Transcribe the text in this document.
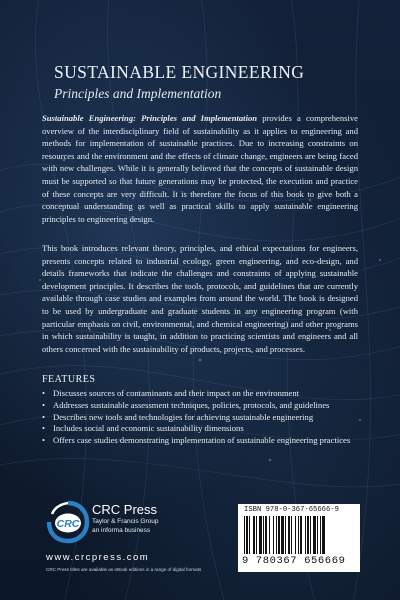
SUSTAINABLE ENGINEERING
Principles and Implementation
Sustainable Engineering: Principles and Implementation provides a comprehensive overview of the interdisciplinary field of sustainability as it applies to engineering and methods for implementation of sustainable practices. Due to increasing constraints on resources and the environment and the effects of climate change, engineers are being faced with new challenges. While it is generally believed that the concepts of sustainable design must be supported so that future generations may be protected, the execution and practice of these concepts are very difficult. It is therefore the focus of this book to give both a conceptual understanding as well as practical skills to apply sustainable engineering principles to engineering design.
This book introduces relevant theory, principles, and ethical expectations for engineers, presents concepts related to industrial ecology, green engineering, and eco-design, and details frameworks that indicate the challenges and constraints of applying sustainable development principles. It describes the tools, protocols, and guidelines that are currently available through case studies and examples from around the world. The book is designed to be used by undergraduate and graduate students in any engineering program (with particular emphasis on civil, environmental, and chemical engineering) and other programs in which sustainability is taught, in addition to practicing scientists and engineers and all others concerned with the sustainability of products, projects, and processes.
FEATURES
• Discusses sources of contaminants and their impact on the environment
• Addresses sustainable assessment techniques, policies, protocols, and guidelines
• Describes new tools and technologies for achieving sustainable engineering
• Includes social and economic sustainability dimensions
• Offers case studies demonstrating implementation of sustainable engineering practices
CRC
CRC Press
Taylor & Francis Group
an informa business
www.crcpress.com
CRC Press titles are available as eBook editions in a range of digital formats
ISBN 978-0-367-65666-9
9 780367 656669
